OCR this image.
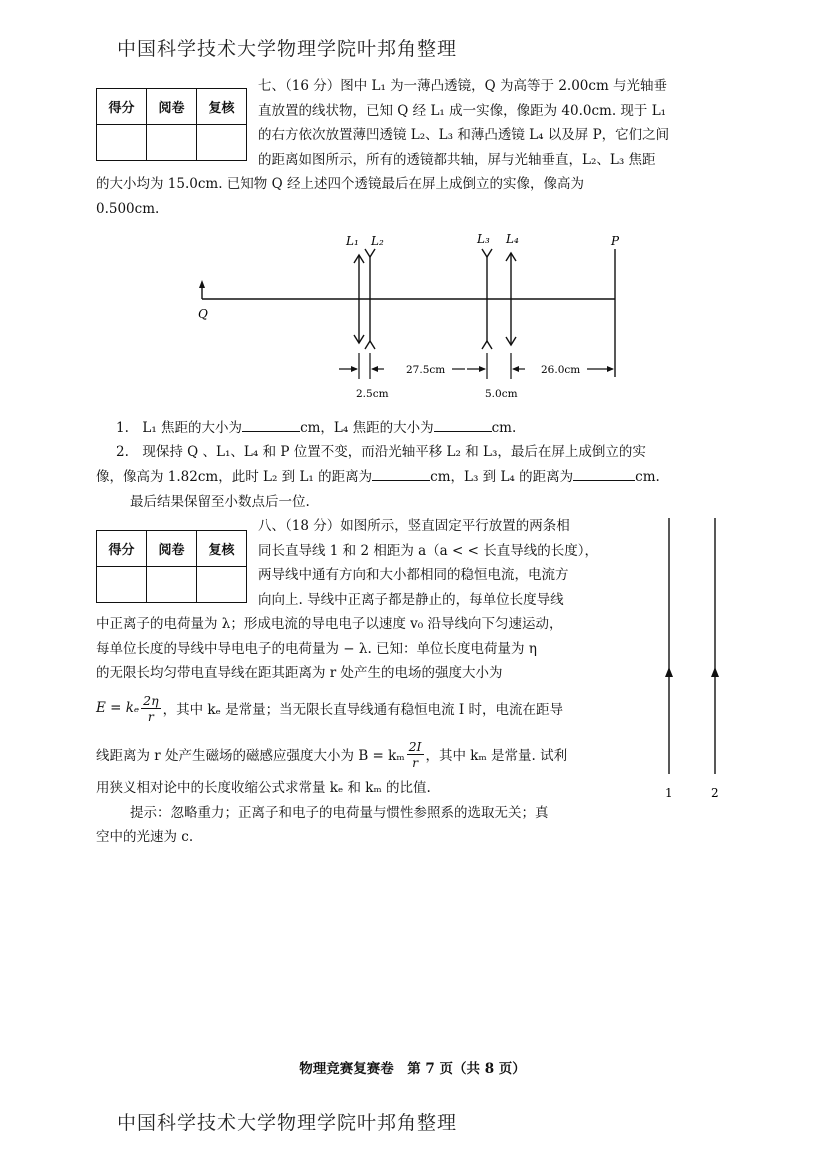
中国科学技术大学物理学院叶邦角整理
得分	阅卷	复核

七、（16 分）图中 L₁ 为一薄凸透镜，Q 为高等于 2.00cm 与光轴垂

直放置的线状物，已知 Q 经 L₁ 成一实像，像距为 40.0cm. 现于 L₁

的右方依次放置薄凹透镜 L₂、L₃ 和薄凸透镜 L₄ 以及屏 P，它们之间

的距离如图所示，所有的透镜都共轴，屏与光轴垂直，L₂、L₃ 焦距

的大小均为 15.0cm. 已知物 Q 经上述四个透镜最后在屏上成倒立的实像，像高为

0.500cm.

Q
L₁ L₂	L₃ L₄	P
27.5cm	26.0cm
2.5cm	5.0cm
1.　L₁ 焦距的大小为	cm，L₄ 焦距的大小为	cm.
2.　现保持 Q 、L₁、L₄ 和 P 位置不变，而沿光轴平移 L₂ 和 L₃，最后在屏上成倒立的实
像，像高为 1.82cm，此时 L₂ 到 L₁ 的距离为	cm，L₃ 到 L₄ 的距离为	cm.
最后结果保留至小数点后一位.
得分	阅卷	复核

八、（18 分）如图所示，竖直固定平行放置的两条相

同长直导线 1 和 2 相距为 a（a < < 长直导线的长度），

两导线中通有方向和大小都相同的稳恒电流，电流方

向向上. 导线中正离子都是静止的，每单位长度导线

中正离子的电荷量为 λ；形成电流的导电电子以速度 v₀ 沿导线向下匀速运动，

每单位长度的导线中导电电子的电荷量为 − λ. 已知：单位长度电荷量为 η

的无限长均匀带电直导线在距其距离为 r 处产生的电场的强度大小为

E = kₑ 2η
r ，其中 kₑ 是常量；当无限长直导线通有稳恒电流 I 时，电流在距导
线距离为 r 处产生磁场的磁感应强度大小为 B = kₘ
2I
r ，其中 kₘ 是常量. 试利

用狭义相对论中的长度收缩公式求常量 kₑ 和 kₘ 的比值.

提示：忽略重力；正离子和电子的电荷量与惯性参照系的选取无关；真

空中的光速为 c.

1	2
物理竞赛复赛卷　第 7 页（共 8 页）
中国科学技术大学物理学院叶邦角整理
